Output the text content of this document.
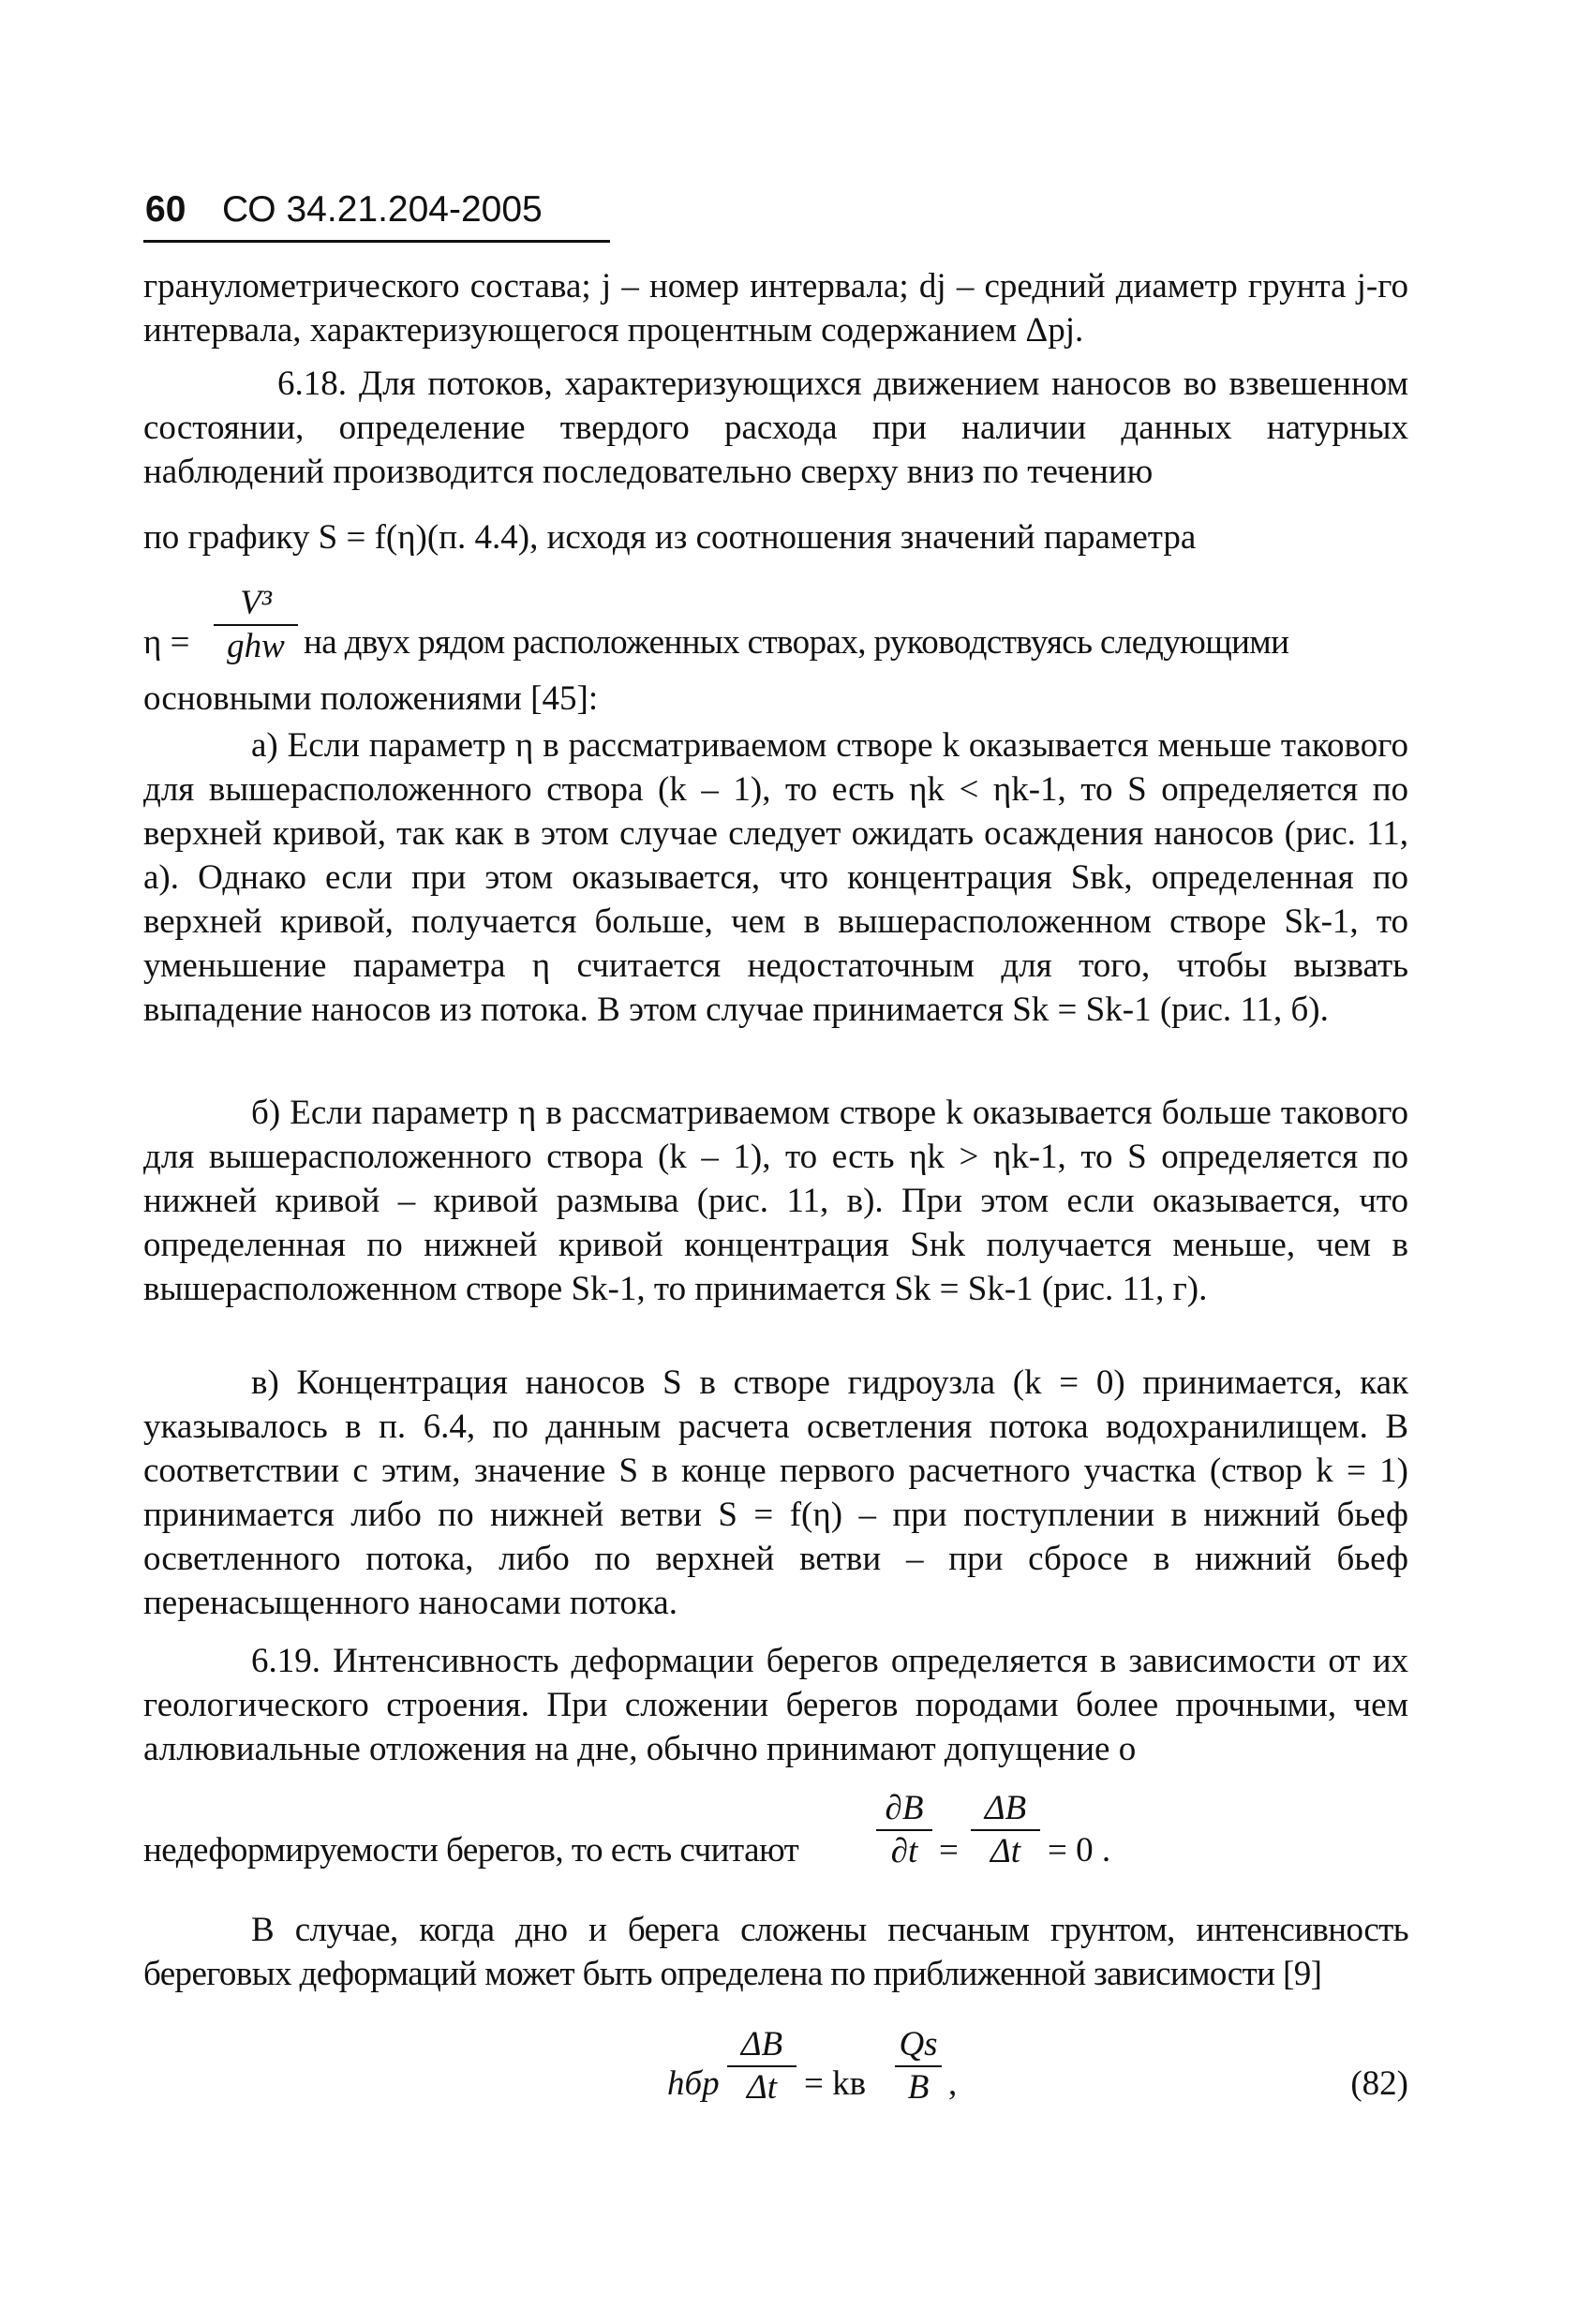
60 СО 34.21.204-2005
гранулометрического состава; j – номер интервала; dj – средний диаметр грунта j-го интервала, характеризующегося процентным содержанием Δpj.
6.18. Для потоков, характеризующихся движением наносов во взвешенном состоянии, определение твердого расхода при наличии данных натурных наблюдений производится последовательно сверху вниз по течению
по графику S = f(η)(п. 4.4), исходя из соотношения значений параметра
η =
V³
ghw на двух рядом расположенных створах, руководствуясь следующими
основными положениями [45]:
а) Если параметр η в рассматриваемом створе k оказывается меньше такового для вышерасположенного створа (k – 1), то есть ηk < ηk-1, то S определяется по верхней кривой, так как в этом случае следует ожидать осаждения наносов (рис. 11, а). Однако если при этом оказывается, что концентрация Sвk, определенная по верхней кривой, получается больше, чем в вышерасположенном створе Sk-1, то уменьшение параметра η считается недостаточным для того, чтобы вызвать выпадение наносов из потока. В этом случае принимается Sk = Sk-1 (рис. 11, б).
б) Если параметр η в рассматриваемом створе k оказывается больше такового для вышерасположенного створа (k – 1), то есть ηk > ηk-1, то S определяется по нижней кривой – кривой размыва (рис. 11, в). При этом если оказывается, что определенная по нижней кривой концентрация Sнk получается меньше, чем в вышерасположенном створе Sk-1, то принимается Sk = Sk-1 (рис. 11, г).
в) Концентрация наносов S в створе гидроузла (k = 0) принимается, как указывалось в п. 6.4, по данным расчета осветления потока водохранилищем. В соответствии с этим, значение S в конце первого расчетного участка (створ k = 1) принимается либо по нижней ветви S = f(η) – при поступлении в нижний бьеф осветленного потока, либо по верхней ветви – при сбросе в нижний бьеф перенасыщенного наносами потока.
6.19. Интенсивность деформации берегов определяется в зависимости от их геологического строения. При сложении берегов породами более прочными, чем аллювиальные отложения на дне, обычно принимают допущение о
недеформируемости берегов, то есть считают
∂B
∂t =
ΔB
Δt = 0 .
В случае, когда дно и берега сложены песчаным грунтом, интенсивность береговых деформаций может быть определена по приближенной зависимости [9]
hбр
ΔB
Δt = kв
Qs
B ,	(82)
